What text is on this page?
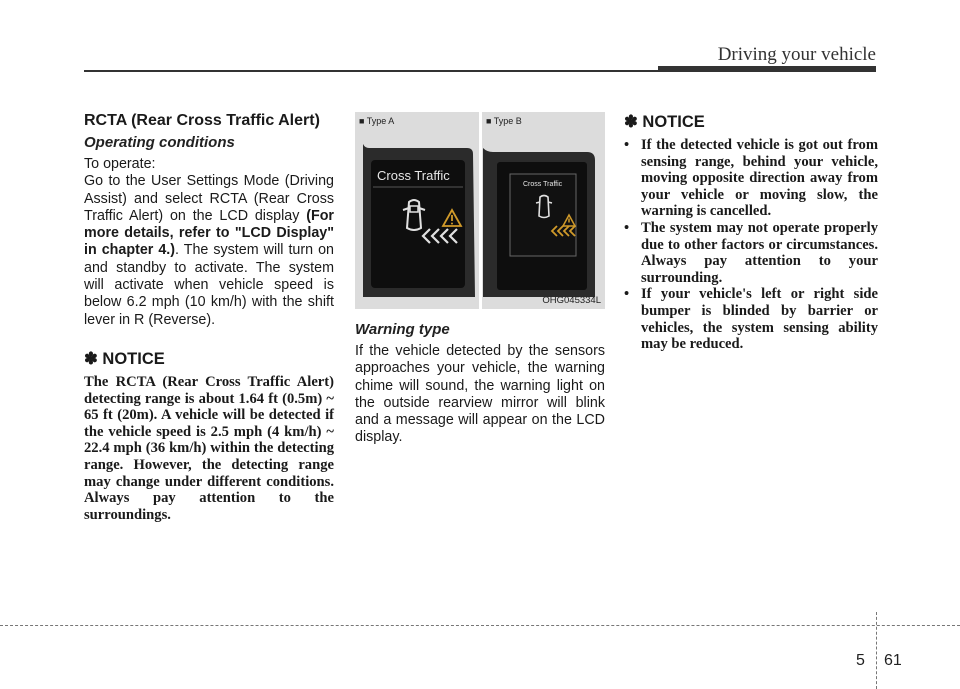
Driving your vehicle
RCTA (Rear Cross Traffic Alert)
Operating conditions

To operate:

Go to the User Settings Mode (Driving Assist) and select RCTA (Rear Cross Traffic Alert) on the LCD display (For more details, refer to "LCD Display" in chapter 4.). The system will turn on and standby to activate. The system will activate when vehicle speed is below 6.2 mph (10 km/h) with the shift lever in R (Reverse).

✽ NOTICE

The RCTA (Rear Cross Traffic Alert) detecting range is about 1.64 ft (0.5m) ~ 65 ft (20m). A vehicle will be detected if the vehicle speed is 2.5 mph (4 km/h) ~ 22.4 mph (36 km/h) within the detecting range. However, the detecting range may change under different conditions. Always pay attention to the surroundings.

Cross Traffic
Cross Traffic
■ Type A	■ Type B
OHG045334L
Warning type

If the vehicle detected by the sensors approaches your vehicle, the warning chime will sound, the warning light on the outside rearview mirror will blink and a message will appear on the LCD display.

✽ NOTICE
• If the detected vehicle is got out from sensing range, behind your vehicle, moving opposite direction away from your vehicle or moving slow, the warning is cancelled.
• The system may not operate properly due to other factors or circumstances. Always pay attention to your surrounding.
• If your vehicle's left or right side bumper is blinded by barrier or vehicles, the system sensing ability may be reduced.
5 61
